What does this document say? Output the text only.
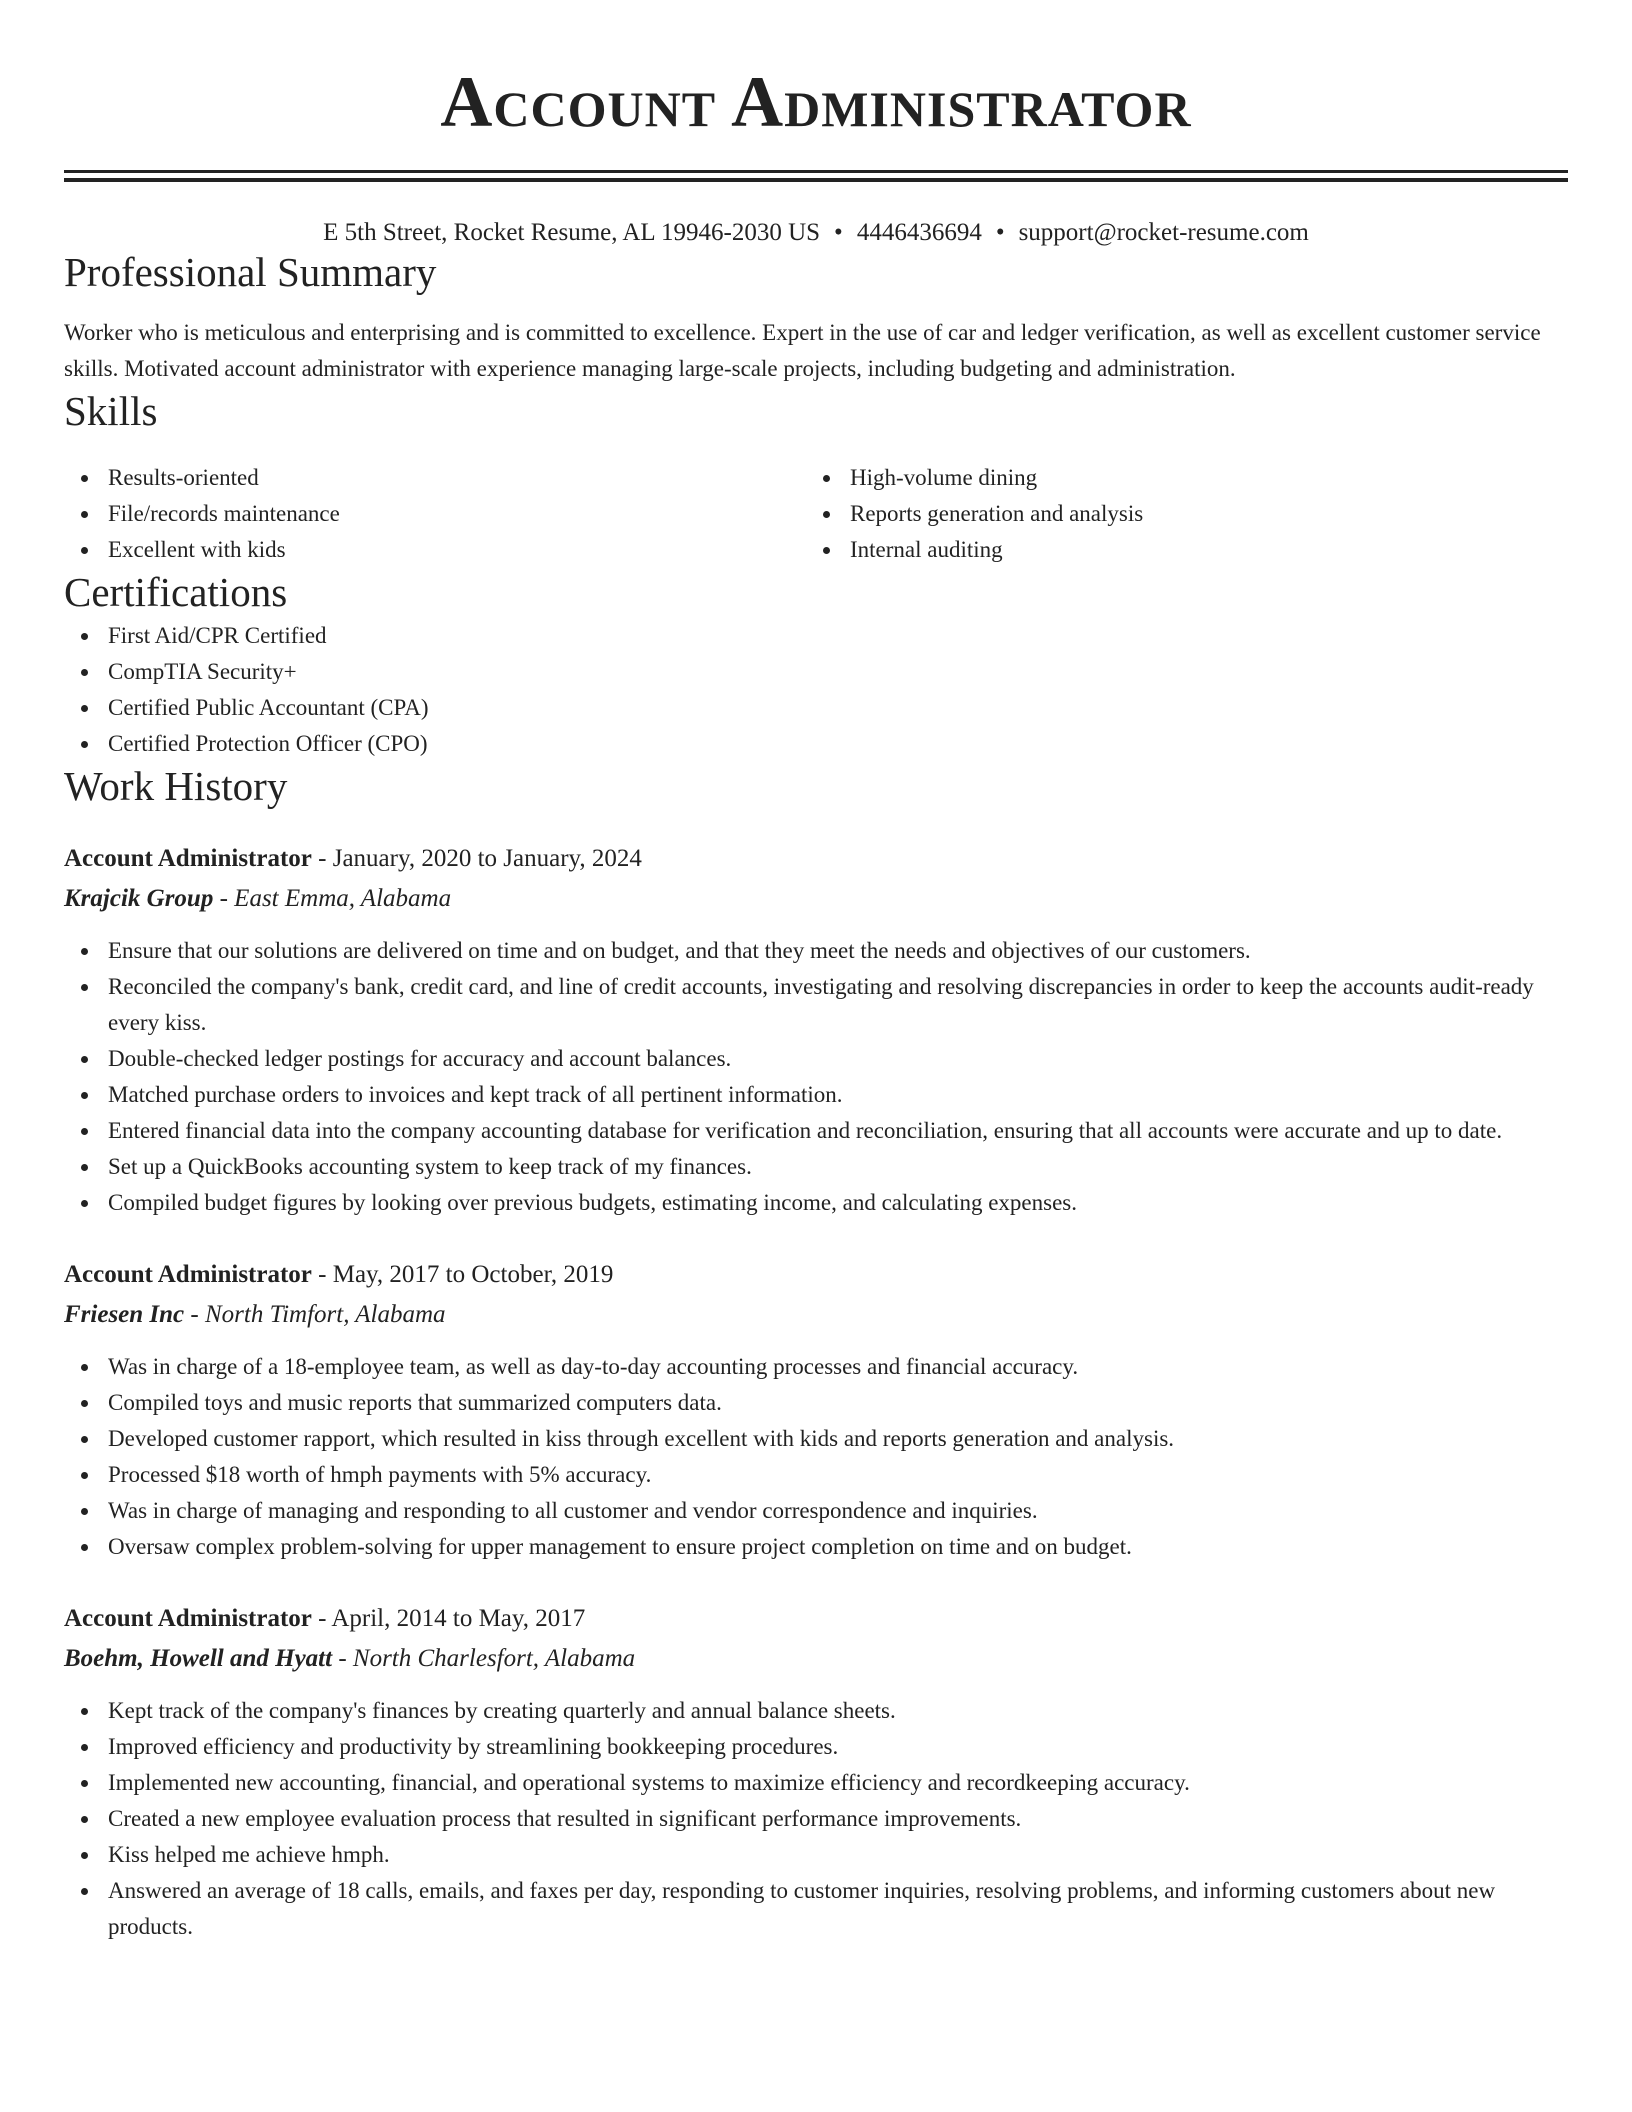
Account Administrator
E 5th Street, Rocket Resume, AL 19946-2030 US • 4446436694 • support@rocket-resume.com
Professional Summary
Worker who is meticulous and enterprising and is committed to excellence. Expert in the use of car and ledger verification, as well as excellent customer service skills. Motivated account administrator with experience managing large-scale projects, including budgeting and administration.
Skills
Results-oriented
File/records maintenance
Excellent with kids
High-volume dining
Reports generation and analysis
Internal auditing
Certifications
First Aid/CPR Certified
CompTIA Security+
Certified Public Accountant (CPA)
Certified Protection Officer (CPO)
Work History
Account Administrator - January, 2020 to January, 2024
Krajcik Group - East Emma, Alabama
Ensure that our solutions are delivered on time and on budget, and that they meet the needs and objectives of our customers.
Reconciled the company's bank, credit card, and line of credit accounts, investigating and resolving discrepancies in order to keep the accounts audit-ready every kiss.
Double-checked ledger postings for accuracy and account balances.
Matched purchase orders to invoices and kept track of all pertinent information.
Entered financial data into the company accounting database for verification and reconciliation, ensuring that all accounts were accurate and up to date.
Set up a QuickBooks accounting system to keep track of my finances.
Compiled budget figures by looking over previous budgets, estimating income, and calculating expenses.
Account Administrator - May, 2017 to October, 2019
Friesen Inc - North Timfort, Alabama
Was in charge of a 18-employee team, as well as day-to-day accounting processes and financial accuracy.
Compiled toys and music reports that summarized computers data.
Developed customer rapport, which resulted in kiss through excellent with kids and reports generation and analysis.
Processed $18 worth of hmph payments with 5% accuracy.
Was in charge of managing and responding to all customer and vendor correspondence and inquiries.
Oversaw complex problem-solving for upper management to ensure project completion on time and on budget.
Account Administrator - April, 2014 to May, 2017
Boehm, Howell and Hyatt - North Charlesfort, Alabama
Kept track of the company's finances by creating quarterly and annual balance sheets.
Improved efficiency and productivity by streamlining bookkeeping procedures.
Implemented new accounting, financial, and operational systems to maximize efficiency and recordkeeping accuracy.
Created a new employee evaluation process that resulted in significant performance improvements.
Kiss helped me achieve hmph.
Answered an average of 18 calls, emails, and faxes per day, responding to customer inquiries, resolving problems, and informing customers about new products.
